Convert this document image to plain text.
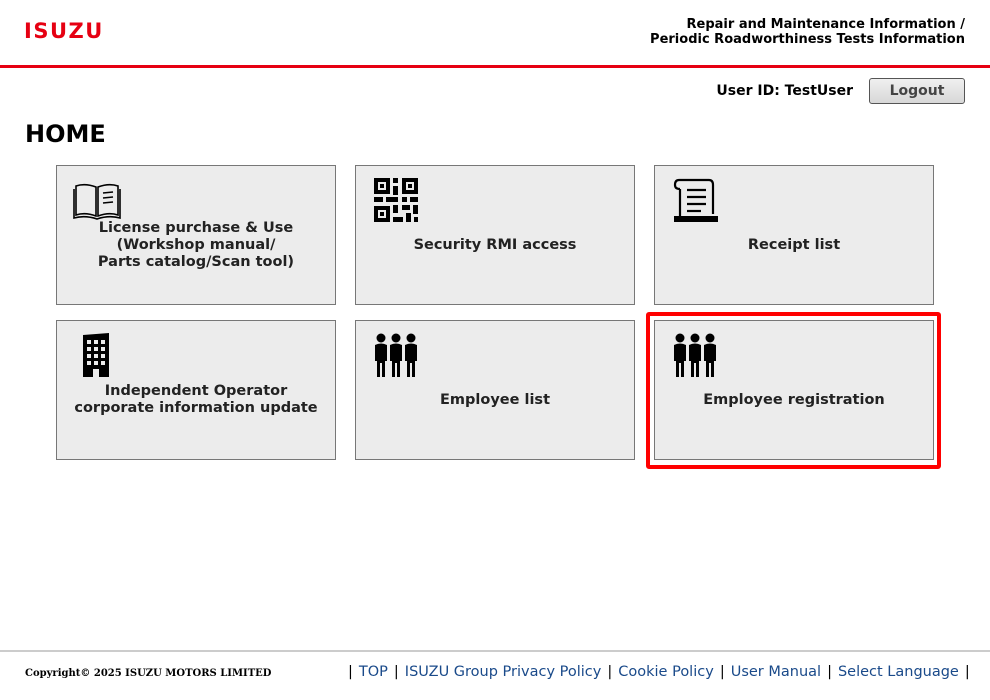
ISUZU	Repair and Maintenance Information /
Periodic Roadworthiness Tests Information
User ID: TestUser	Logout
HOME
License purchase & Use
(Workshop manual/
Parts catalog/Scan tool)
Security RMI access	Receipt list
Independent Operator
corporate information update
Employee list	Employee registration
Copyright© 2025 ISUZU MOTORS LIMITED	| TOP | ISUZU Group Privacy Policy | Cookie Policy | User Manual | Select Language |
